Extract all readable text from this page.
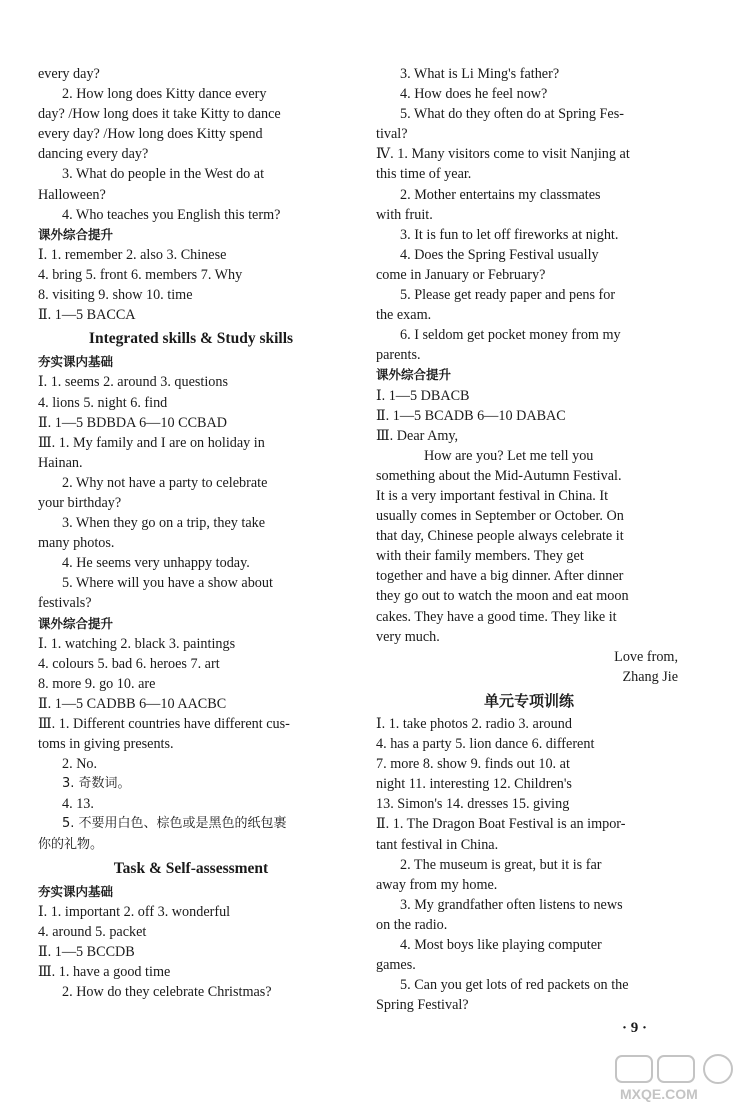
every day?
2. How long does Kitty dance every
day? /How long does it take Kitty to dance
every day? /How long does Kitty spend
dancing every day?
3. What do people in the West do at
Halloween?
4. Who teaches you English this term?
课外综合提升
Ⅰ. 1. remember 2. also 3. Chinese
4. bring 5. front 6. members 7. Why
8. visiting 9. show 10. time
Ⅱ. 1—5 BACCA
Integrated skills & Study skills
夯实课内基础
Ⅰ. 1. seems 2. around 3. questions
4. lions 5. night 6. find
Ⅱ. 1—5 BDBDA 6—10 CCBAD
Ⅲ. 1. My family and I are on holiday in
Hainan.
2. Why not have a party to celebrate
your birthday?
3. When they go on a trip, they take
many photos.
4. He seems very unhappy today.
5. Where will you have a show about
festivals?
课外综合提升
Ⅰ. 1. watching 2. black 3. paintings
4. colours 5. bad 6. heroes 7. art
8. more 9. go 10. are
Ⅱ. 1—5 CADBB 6—10 AACBC
Ⅲ. 1. Different countries have different cus-
toms in giving presents.
2. No.
3. 奇数词。
4. 13.
5. 不要用白色、棕色或是黑色的纸包裹
你的礼物。
Task & Self-assessment
夯实课内基础
Ⅰ. 1. important 2. off 3. wonderful
4. around 5. packet
Ⅱ. 1—5 BCCDB
Ⅲ. 1. have a good time
2. How do they celebrate Christmas?
3. What is Li Ming's father?
4. How does he feel now?
5. What do they often do at Spring Fes-
tival?
Ⅳ. 1. Many visitors come to visit Nanjing at
this time of year.
2. Mother entertains my classmates
with fruit.
3. It is fun to let off fireworks at night.
4. Does the Spring Festival usually
come in January or February?
5. Please get ready paper and pens for
the exam.
6. I seldom get pocket money from my
parents.
课外综合提升
Ⅰ. 1—5 DBACB
Ⅱ. 1—5 BCADB 6—10 DABAC
Ⅲ. Dear Amy,
How are you? Let me tell you
something about the Mid-Autumn Festival.
It is a very important festival in China. It
usually comes in September or October. On
that day, Chinese people always celebrate it
with their family members. They get
together and have a big dinner. After dinner
they go out to watch the moon and eat moon
cakes. They have a good time. They like it
very much.
Love from,
Zhang Jie
单元专项训练
Ⅰ. 1. take photos 2. radio 3. around
4. has a party 5. lion dance 6. different
7. more 8. show 9. finds out 10. at
night 11. interesting 12. Children's
13. Simon's 14. dresses 15. giving
Ⅱ. 1. The Dragon Boat Festival is an impor-
tant festival in China.
2. The museum is great, but it is far
away from my home.
3. My grandfather often listens to news
on the radio.
4. Most boys like playing computer
games.
5. Can you get lots of red packets on the
Spring Festival?
· 9 ·
MXQE.COM
